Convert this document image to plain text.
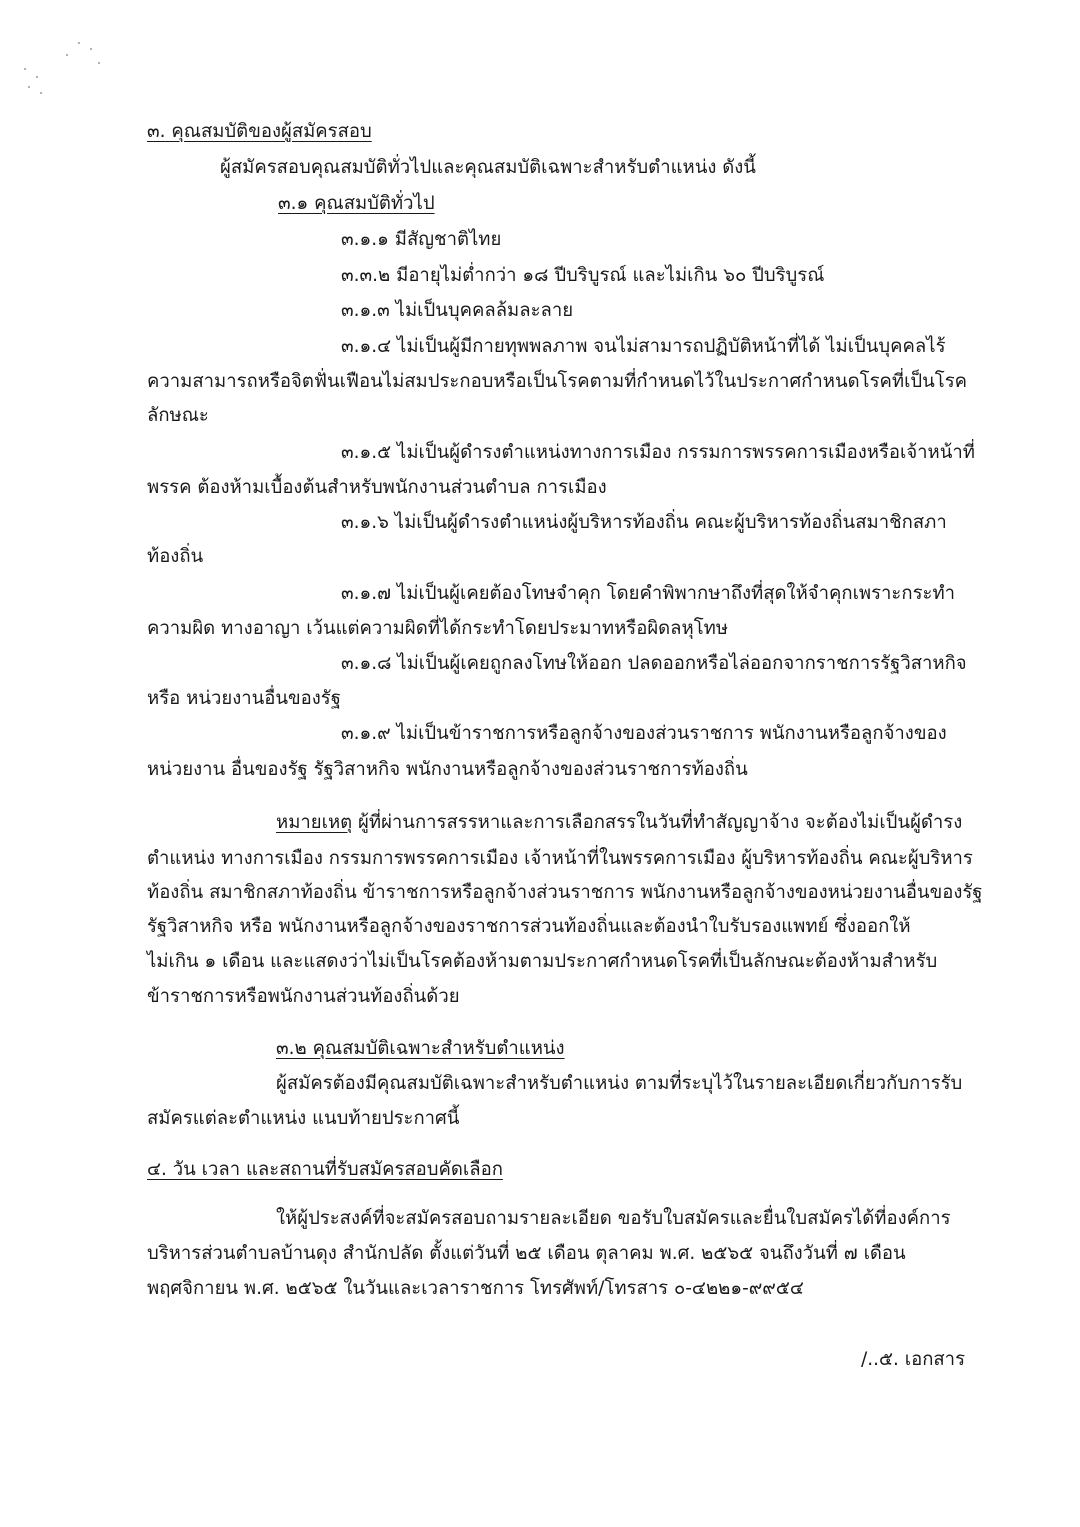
๓. คุณสมบัติของผู้สมัครสอบ
ผู้สมัครสอบคุณสมบัติทั่วไปและคุณสมบัติเฉพาะสำหรับตำแหน่ง ดังนี้
๓.๑ คุณสมบัติทั่วไป
๓.๑.๑ มีสัญชาติไทย
๓.๓.๒ มีอายุไม่ต่ำกว่า ๑๘ ปีบริบูรณ์ และไม่เกิน ๖๐ ปีบริบูรณ์
๓.๑.๓ ไม่เป็นบุคคลล้มละลาย
๓.๑.๔ ไม่เป็นผู้มีกายทุพพลภาพ จนไม่สามารถปฏิบัติหน้าที่ได้ ไม่เป็นบุคคลไร้
ความสามารถหรือจิตฟั่นเฟือนไม่สมประกอบหรือเป็นโรคตามที่กำหนดไว้ในประกาศกำหนดโรคที่เป็นโรค
ลักษณะ
๓.๑.๕ ไม่เป็นผู้ดำรงตำแหน่งทางการเมือง กรรมการพรรคการเมืองหรือเจ้าหน้าที่
พรรค ต้องห้ามเบื้องต้นสำหรับพนักงานส่วนตำบล การเมือง
๓.๑.๖ ไม่เป็นผู้ดำรงตำแหน่งผู้บริหารท้องถิ่น คณะผู้บริหารท้องถิ่นสมาชิกสภา
ท้องถิ่น
๓.๑.๗ ไม่เป็นผู้เคยต้องโทษจำคุก โดยคำพิพากษาถึงที่สุดให้จำคุกเพราะกระทำ
ความผิด ทางอาญา เว้นแต่ความผิดที่ได้กระทำโดยประมาทหรือผิดลหุโทษ
๓.๑.๘ ไม่เป็นผู้เคยถูกลงโทษให้ออก ปลดออกหรือไล่ออกจากราชการรัฐวิสาหกิจ
หรือ หน่วยงานอื่นของรัฐ
๓.๑.๙ ไม่เป็นข้าราชการหรือลูกจ้างของส่วนราชการ พนักงานหรือลูกจ้างของ
หน่วยงาน อื่นของรัฐ รัฐวิสาหกิจ พนักงานหรือลูกจ้างของส่วนราชการท้องถิ่น
หมายเหตุ ผู้ที่ผ่านการสรรหาและการเลือกสรรในวันที่ทำสัญญาจ้าง จะต้องไม่เป็นผู้ดำรง
ตำแหน่ง ทางการเมือง กรรมการพรรคการเมือง เจ้าหน้าที่ในพรรคการเมือง ผู้บริหารท้องถิ่น คณะผู้บริหาร
ท้องถิ่น สมาชิกสภาท้องถิ่น ข้าราชการหรือลูกจ้างส่วนราชการ พนักงานหรือลูกจ้างของหน่วยงานอื่นของรัฐ
รัฐวิสาหกิจ หรือ พนักงานหรือลูกจ้างของราชการส่วนท้องถิ่นและต้องนำใบรับรองแพทย์ ซึ่งออกให้
ไม่เกิน ๑ เดือน และแสดงว่าไม่เป็นโรคต้องห้ามตามประกาศกำหนดโรคที่เป็นลักษณะต้องห้ามสำหรับ
ข้าราชการหรือพนักงานส่วนท้องถิ่นด้วย
๓.๒ คุณสมบัติเฉพาะสำหรับตำแหน่ง
ผู้สมัครต้องมีคุณสมบัติเฉพาะสำหรับตำแหน่ง ตามที่ระบุไว้ในรายละเอียดเกี่ยวกับการรับ
สมัครแต่ละตำแหน่ง แนบท้ายประกาศนี้
๔. วัน เวลา และสถานที่รับสมัครสอบคัดเลือก
ให้ผู้ประสงค์ที่จะสมัครสอบถามรายละเอียด ขอรับใบสมัครและยื่นใบสมัครได้ที่องค์การ
บริหารส่วนตำบลบ้านดุง สำนักปลัด ตั้งแต่วันที่ ๒๕ เดือน ตุลาคม พ.ศ. ๒๕๖๕ จนถึงวันที่ ๗ เดือน
พฤศจิกายน พ.ศ. ๒๕๖๕ ในวันและเวลาราชการ โทรศัพท์/โทรสาร ๐-๔๒๒๑-๙๙๕๔
/..๕. เอกสาร
